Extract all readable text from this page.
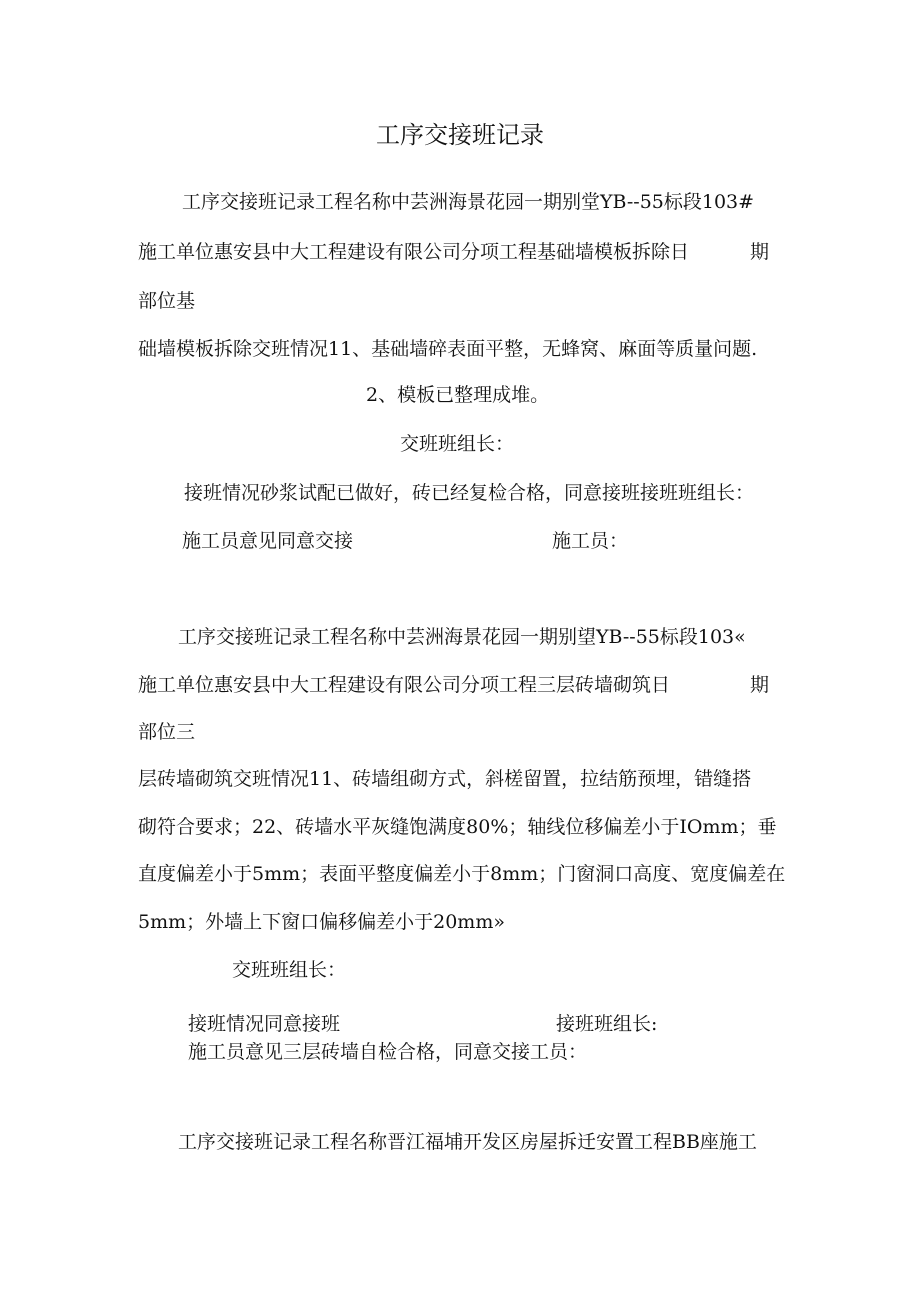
工序交接班记录

工序交接班记录工程名称中芸洲海景花园一期别堂YB--55标段103#

施工单位惠安县中大工程建设有限公司分项工程基础墙模板拆除日	期

部位基

础墙模板拆除交班情况11、基础墙碎表面平整，无蜂窝、麻面等质量问题.

2、模板已整理成堆。

交班班组长：

接班情况砂浆试配已做好，砖已经复检合格，同意接班接班班组长：

施工员意见同意交接	施工员：

工序交接班记录工程名称中芸洲海景花园一期别望YB--55标段103«

施工单位惠安县中大工程建设有限公司分项工程三层砖墙砌筑日	期

部位三

层砖墙砌筑交班情况11、砖墙组砌方式，斜槎留置，拉结筋预埋，错缝搭

砌符合要求；22、砖墙水平灰缝饱满度80%；轴线位移偏差小于IOmm；垂

直度偏差小于5mm；表面平整度偏差小于8mm；门窗洞口高度、宽度偏差在

5mm；外墙上下窗口偏移偏差小于20mm»

交班班组长：

接班情况同意接班	接班班组长:

施工员意见三层砖墙自检合格，同意交接工员：

工序交接班记录工程名称晋江福埔开发区房屋拆迁安置工程BB座施工
